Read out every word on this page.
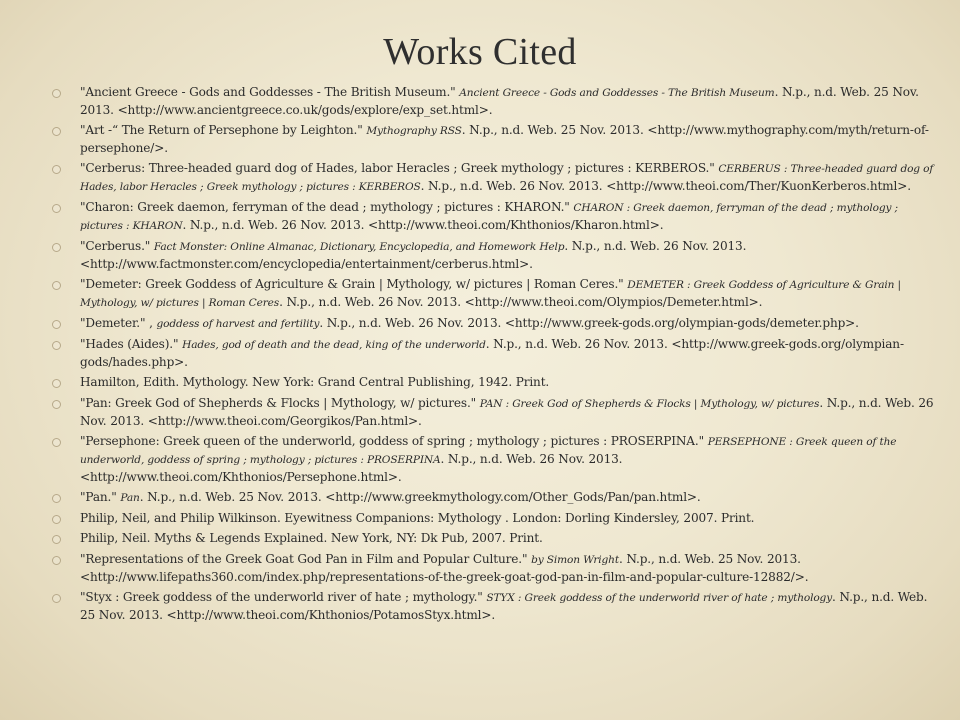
Works Cited
"Ancient Greece - Gods and Goddesses - The British Museum." Ancient Greece - Gods and Goddesses - The British Museum. N.p., n.d. Web. 25 Nov. 2013. <http://www.ancientgreece.co.uk/gods/explore/exp_set.html>.
"Art -“ The Return of Persephone by Leighton." Mythography RSS. N.p., n.d. Web. 25 Nov. 2013. <http://www.mythography.com/myth/return-of-persephone/>.
"Cerberus: Three-headed guard dog of Hades, labor Heracles ; Greek mythology ; pictures : KERBEROS." CERBERUS : Three-headed guard dog of Hades, labor Heracles ; Greek mythology ; pictures : KERBEROS. N.p., n.d. Web. 26 Nov. 2013. <http://www.theoi.com/Ther/KuonKerberos.html>.
"Charon: Greek daemon, ferryman of the dead ; mythology ; pictures : KHARON." CHARON : Greek daemon, ferryman of the dead ; mythology ; pictures : KHARON. N.p., n.d. Web. 26 Nov. 2013. <http://www.theoi.com/Khthonios/Kharon.html>.
"Cerberus." Fact Monster: Online Almanac, Dictionary, Encyclopedia, and Homework Help. N.p., n.d. Web. 26 Nov. 2013. <http://www.factmonster.com/encyclopedia/entertainment/cerberus.html>.
"Demeter: Greek Goddess of Agriculture & Grain | Mythology, w/ pictures | Roman Ceres." DEMETER : Greek Goddess of Agriculture & Grain | Mythology, w/ pictures | Roman Ceres. N.p., n.d. Web. 26 Nov. 2013. <http://www.theoi.com/Olympios/Demeter.html>.
"Demeter." , goddess of harvest and fertility. N.p., n.d. Web. 26 Nov. 2013. <http://www.greek-gods.org/olympian-gods/demeter.php>.
"Hades (Aides)." Hades, god of death and the dead, king of the underworld. N.p., n.d. Web. 26 Nov. 2013. <http://www.greek-gods.org/olympian-gods/hades.php>.
Hamilton, Edith. Mythology. New York: Grand Central Publishing, 1942. Print.
"Pan: Greek God of Shepherds & Flocks | Mythology, w/ pictures." PAN : Greek God of Shepherds & Flocks | Mythology, w/ pictures. N.p., n.d. Web. 26 Nov. 2013. <http://www.theoi.com/Georgikos/Pan.html>.
"Persephone: Greek queen of the underworld, goddess of spring ; mythology ; pictures : PROSERPINA." PERSEPHONE : Greek queen of the underworld, goddess of spring ; mythology ; pictures : PROSERPINA. N.p., n.d. Web. 26 Nov. 2013. <http://www.theoi.com/Khthonios/Persephone.html>.
"Pan." Pan. N.p., n.d. Web. 25 Nov. 2013. <http://www.greekmythology.com/Other_Gods/Pan/pan.html>.
Philip, Neil, and Philip Wilkinson. Eyewitness Companions: Mythology . London: Dorling Kindersley, 2007. Print.
Philip, Neil. Myths & Legends Explained. New York, NY: Dk Pub, 2007. Print.
"Representations of the Greek Goat God Pan in Film and Popular Culture." by Simon Wright. N.p., n.d. Web. 25 Nov. 2013. <http://www.lifepaths360.com/index.php/representations-of-the-greek-goat-god-pan-in-film-and-popular-culture-12882/>.
"Styx : Greek goddess of the underworld river of hate ; mythology." STYX : Greek goddess of the underworld river of hate ; mythology. N.p., n.d. Web. 25 Nov. 2013. <http://www.theoi.com/Khthonios/PotamosStyx.html>.
